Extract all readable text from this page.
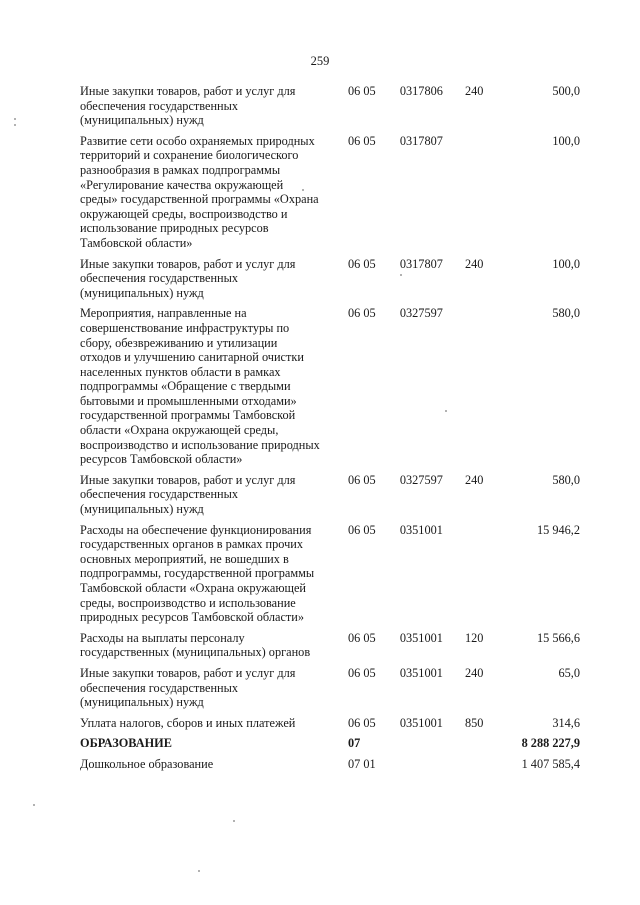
259
Иные закупки товаров, работ и услуг для обеспечения государственных (муниципальных) нужд	06 05	0317806	240	500,0
Развитие сети особо охраняемых природных территорий и сохранение биологического разнообразия в рамках подпрограммы «Регулирование качества окружающей среды» государственной программы «Охрана окружающей среды, воспроизводство и использование природных ресурсов Тамбовской области»	06 05	0317807		100,0
Иные закупки товаров, работ и услуг для обеспечения государственных (муниципальных) нужд	06 05	0317807	240	100,0
Мероприятия, направленные на совершенствование инфраструктуры по сбору, обезвреживанию и утилизации отходов и улучшению санитарной очистки населенных пунктов области в рамках подпрограммы «Обращение с твердыми бытовыми и промышленными отходами» государственной программы Тамбовской области «Охрана окружающей среды, воспроизводство и использование природных ресурсов Тамбовской области»	06 05	0327597		580,0
Иные закупки товаров, работ и услуг для обеспечения государственных (муниципальных) нужд	06 05	0327597	240	580,0
Расходы на обеспечение функционирования государственных органов в рамках прочих основных мероприятий, не вошедших в подпрограммы, государственной программы Тамбовской области «Охрана окружающей среды, воспроизводство и использование природных ресурсов Тамбовской области»	06 05	0351001		15 946,2
Расходы на выплаты персоналу государственных (муниципальных) органов	06 05	0351001	120	15 566,6
Иные закупки товаров, работ и услуг для обеспечения государственных (муниципальных) нужд	06 05	0351001	240	65,0
Уплата налогов, сборов и иных платежей	06 05	0351001	850	314,6
ОБРАЗОВАНИЕ	07			8 288 227,9
Дошкольное образование	07 01			1 407 585,4
